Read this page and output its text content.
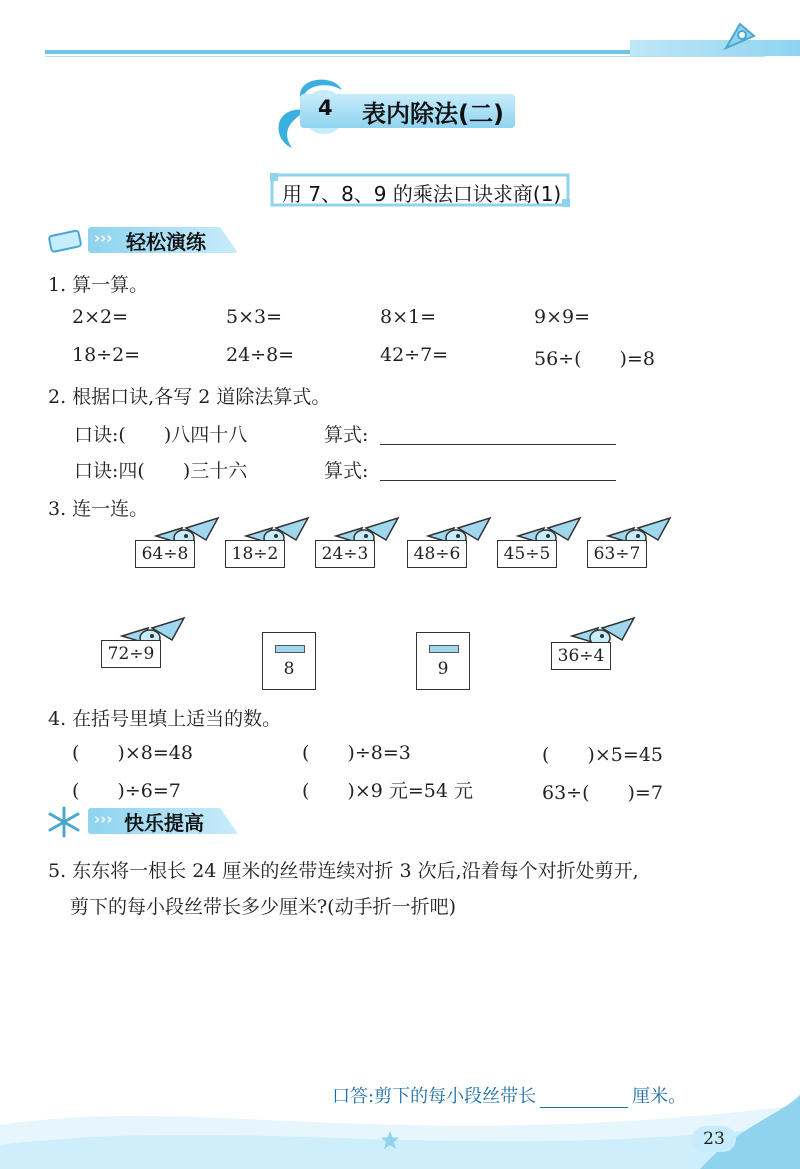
4 表内除法(二)
用 7、8、9 的乘法口诀求商(1)
››› 轻松演练
1. 算一算。
2×2=	5×3=	8×1=	9×9=
18÷2=	24÷8=	42÷7=	56÷(　　)=8
2. 根据口诀,各写 2 道除法算式。
口诀:(　　)八四十八	算式:
口诀:四(　　)三十六	算式:
3. 连一连。
64÷8	18÷2	24÷3	48÷6	45÷5	63÷7
72÷9
8	9
36÷4
4. 在括号里填上适当的数。
(　　)×8=48	(　　)÷8=3	(　　)×5=45
(　　)÷6=7	(　　)×9 元=54 元	63÷(　　)=7
››› 快乐提高
5. 东东将一根长 24 厘米的丝带连续对折 3 次后,沿着每个对折处剪开,
剪下的每小段丝带长多少厘米?(动手折一折吧)
口答:剪下的每小段丝带长	厘米。
23
